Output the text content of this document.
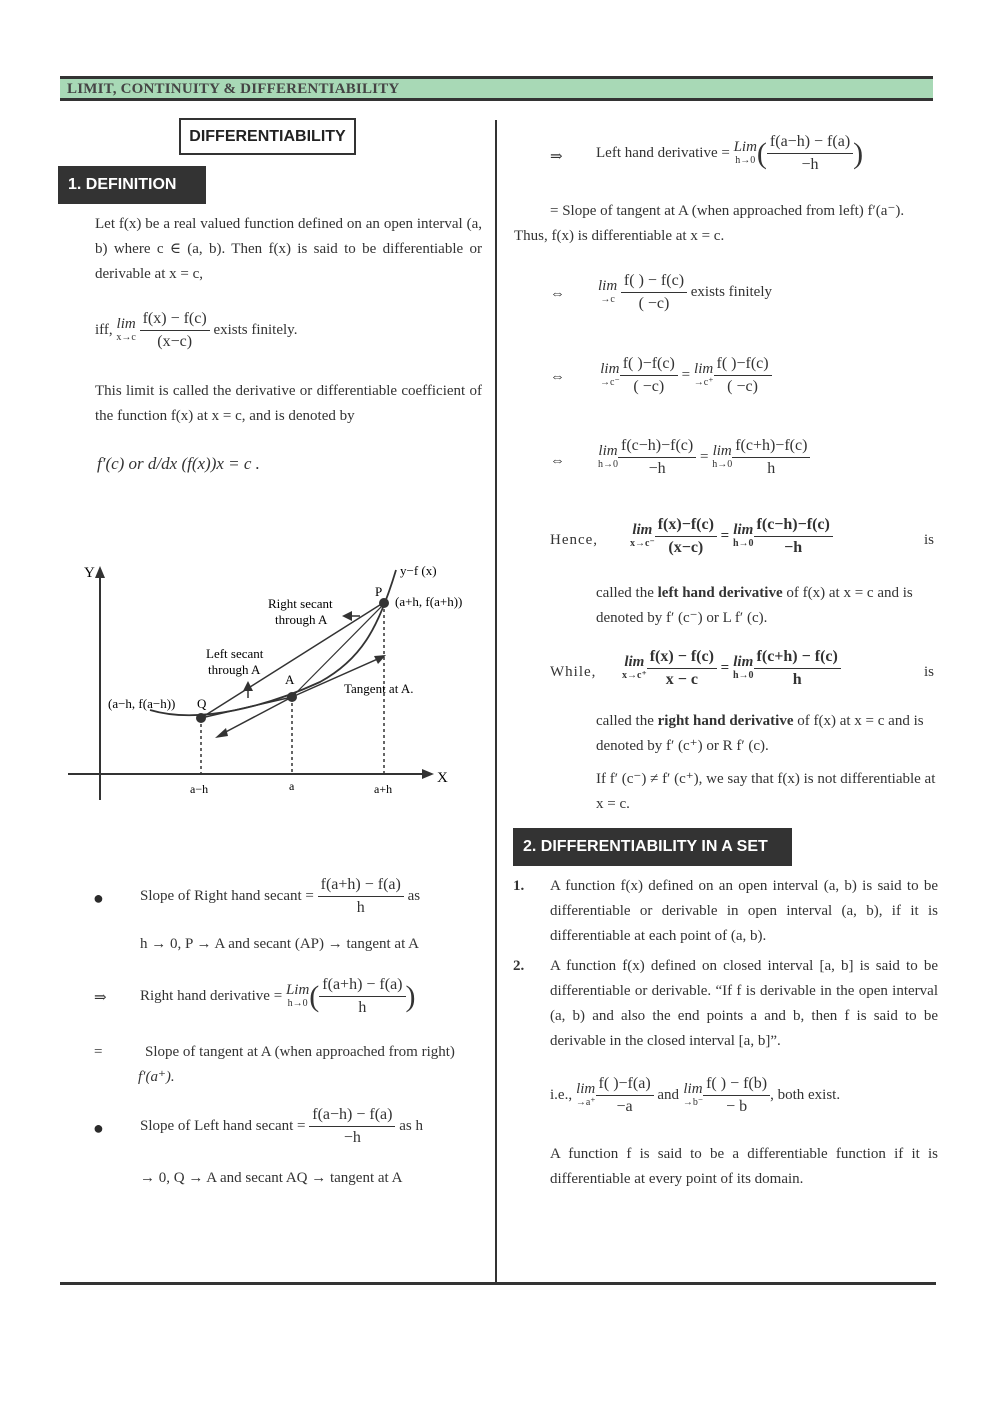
LIMIT, CONTINUITY & DIFFERENTIABILITY
DIFFERENTIABILITY
1. DEFINITION
Let f(x) be a real valued function defined on an open interval (a, b) where c ∈ (a, b). Then f(x) is said to be differentiable or derivable at x = c,
iff, lim
x→c
$\frac{f(x) - f(c)}{(x-c)}$ exists finitely.
This limit is called the derivative or differentiable coefficient of the function f(x) at x = c, and is denoted by
f′(c) or d/dx (f(x))x = c .
Y
X
y−f (x)
P
(a+h, f(a+h))
Right secant
through A
Left secant
through A
A
Tangent at A.
(a−h, f(a−h)) Q
a−h	a	a+h
● Slope of Right hand secant = $\frac{f(a+h) - f(a)}{h}$ as
h → 0, P → A and secant (AP) → tangent at A
⇒ Right hand derivative = Lim
h→0 ( $\frac{f(a+h) - f(a)}{h}$ )
=	Slope of tangent at A (when approached from right)
f′(a⁺).
● Slope of Left hand secant = $\frac{f(a-h) - f(a)}{-h}$ as h
→ 0, Q → A and secant AQ → tangent at A
⇒ Left hand derivative = Lim
h→0 ( $\frac{f(a-h) - f(a)}{-h}$ )
= Slope of tangent at A (when approached from left) f′(a⁻).
Thus, f(x) is differentiable at x = c.
⇔ lim
→c
$\frac{f( ) - f(c)}{( -c)}$ exists finitely
⇔ lim
$\to c^- \frac{f( )-f(c)}{( -c)} = \lim$
$\to c^+ \frac{f( )-f(c)}{( -c)}$
⇔
lim
$h\to 0 \frac{f(c-h)-f(c)}{-h} = \lim$
$h\to 0 \frac{f(c+h)-f(c)}{h}$
Hence,
lim
$x\to c^- \frac{f(x)-f(c)}{(x-c)} = \lim$
$h\to 0 \frac{f(c-h)-f(c)}{-h}$	is
called the left hand derivative of f(x) at x = c and is denoted by f′ (c⁻) or L f′ (c).
While,
lim
$x\to c^+ \frac{f(x) - f(c)}{x - c} = \lim$
$h\to 0 \frac{f(c+h) - f(c)}{h}$	is
called the right hand derivative of f(x) at x = c and is denoted by f′ (c⁺) or R f′ (c).
If f′ (c⁻) ≠ f′ (c⁺), we say that f(x) is not differentiable at x = c.
2. DIFFERENTIABILITY IN A SET
1. A function f(x) defined on an open interval (a, b) is said to be differentiable or derivable in open interval (a, b), if it is differentiable at each point of (a, b).
2. A function f(x) defined on closed interval [a, b] is said to be differentiable or derivable. “If f is derivable in the open interval (a, b) and also the end points a and b, then f is said to be derivable in the closed interval [a, b]”.
i.e., lim
$\to a^+ \frac{f( )-f(a)}{-a}$ and lim
$\to b^- \frac{f( ) - f(b)}{- b}$ , both exist.
A function f is said to be a differentiable function if it is differentiable at every point of its domain.
